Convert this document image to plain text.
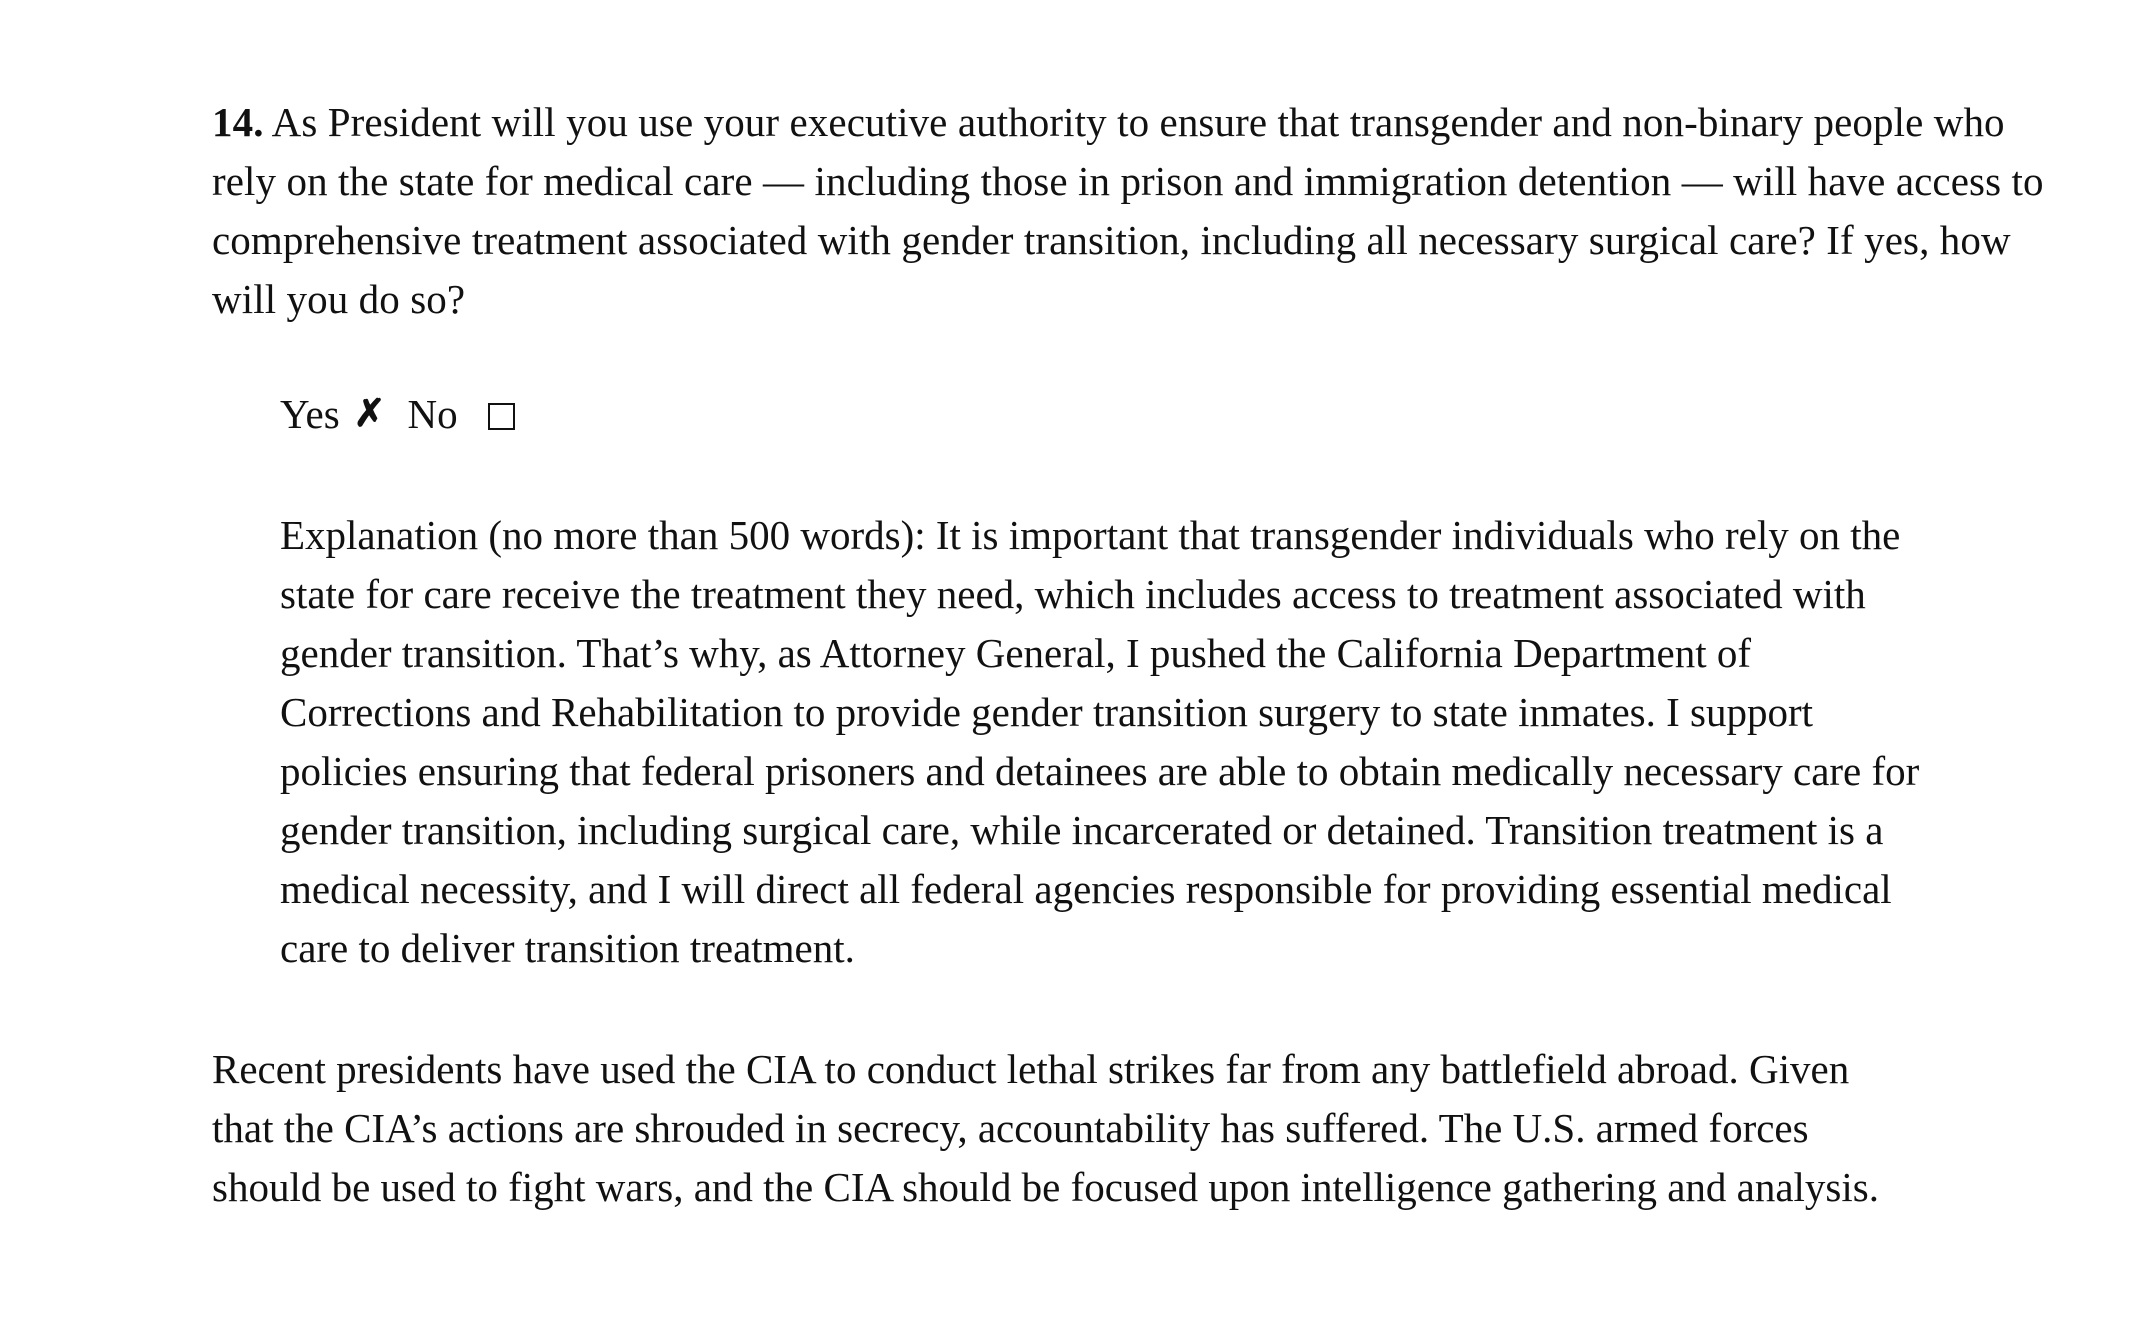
14. As President will you use your executive authority to ensure that transgender and non-binary people who rely on the state for medical care — including those in prison and immigration detention — will have access to comprehensive treatment associated with gender transition, including all necessary surgical care? If yes, how will you do so?

Yes ✗ No

Explanation (no more than 500 words): It is important that transgender individuals who rely on the state for care receive the treatment they need, which includes access to treatment associated with gender transition. That’s why, as Attorney General, I pushed the California Department of Corrections and Rehabilitation to provide gender transition surgery to state inmates. I support policies ensuring that federal prisoners and detainees are able to obtain medically necessary care for gender transition, including surgical care, while incarcerated or detained. Transition treatment is a medical necessity, and I will direct all federal agencies responsible for providing essential medical care to deliver transition treatment.

Recent presidents have used the CIA to conduct lethal strikes far from any battlefield abroad. Given that the CIA’s actions are shrouded in secrecy, accountability has suffered. The U.S. armed forces should be used to fight wars, and the CIA should be focused upon intelligence gathering and analysis.
